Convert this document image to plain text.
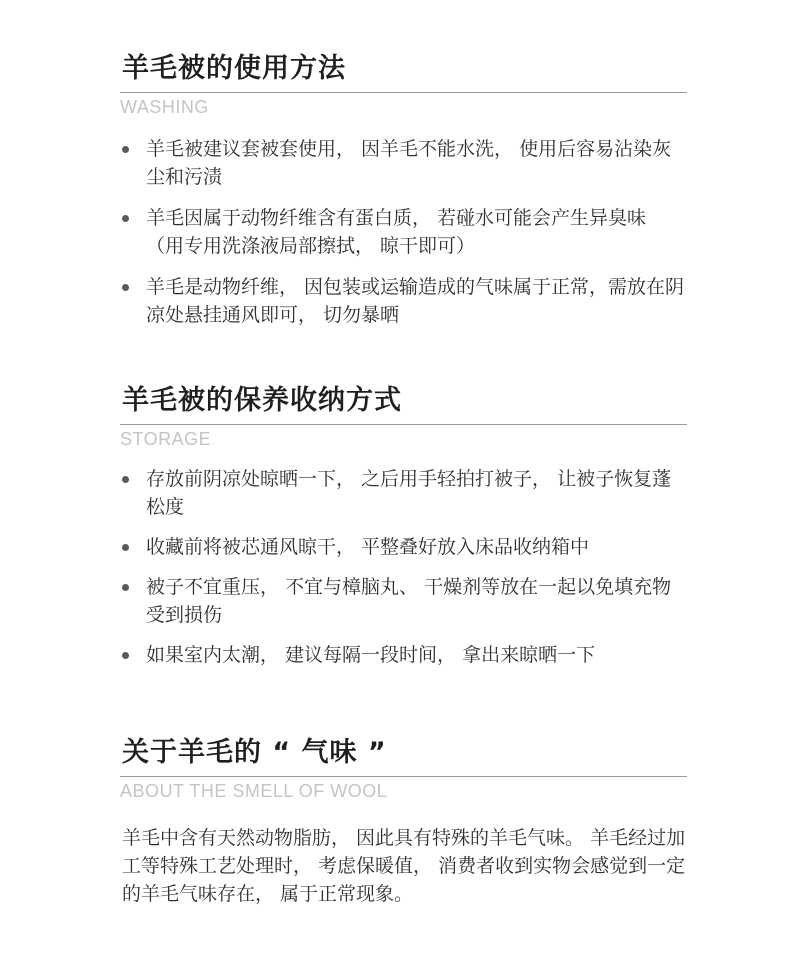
羊毛被的使用方法
WASHING
羊毛被建议套被套使用， 因羊毛不能水洗， 使用后容易沾染灰尘和污渍
羊毛因属于动物纤维含有蛋白质， 若碰水可能会产生异臭味 （用专用洗涤液局部擦拭， 晾干即可）
羊毛是动物纤维， 因包装或运输造成的气味属于正常，需放在阴凉处悬挂通风即可， 切勿暴晒
羊毛被的保养收纳方式
STORAGE
存放前阴凉处晾晒一下， 之后用手轻拍打被子， 让被子恢复蓬松度
收藏前将被芯通风晾干， 平整叠好放入床品收纳箱中
被子不宜重压， 不宜与樟脑丸、 干燥剂等放在一起以免填充物受到损伤
如果室内太潮， 建议每隔一段时间， 拿出来晾晒一下
关于羊毛的 “ 气味 ”
ABOUT THE SMELL OF WOOL
羊毛中含有天然动物脂肪， 因此具有特殊的羊毛气味。 羊毛经过加工等特殊工艺处理时， 考虑保暖值， 消费者收到实物会感觉到一定的羊毛气味存在， 属于正常现象。
